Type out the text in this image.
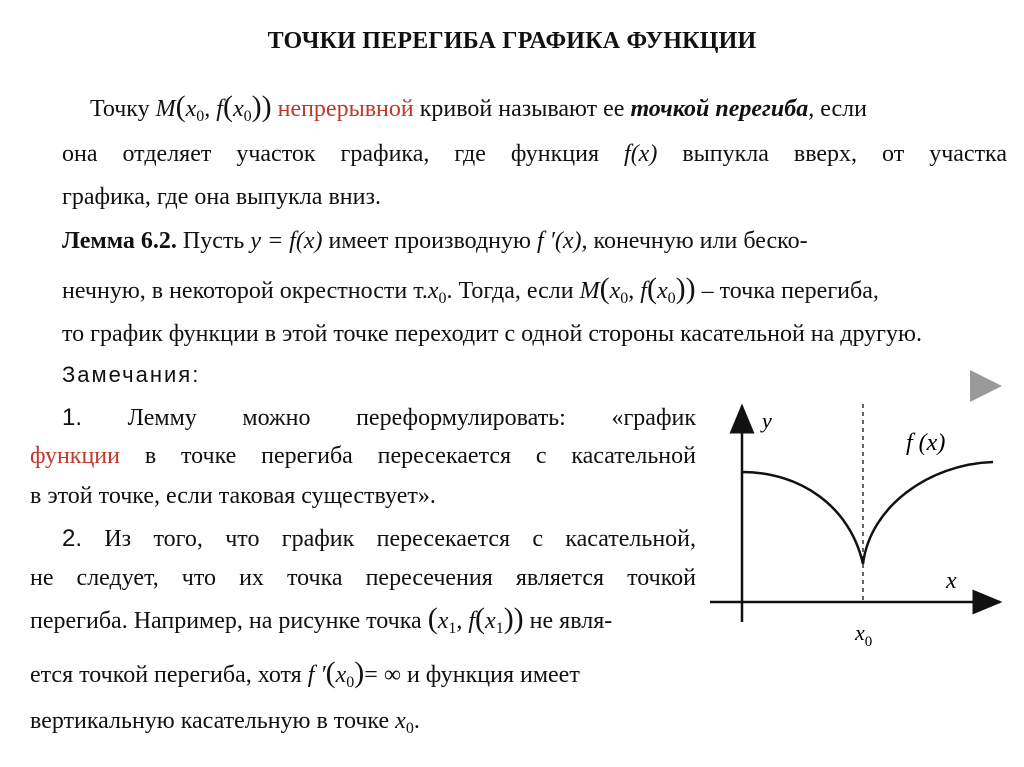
ТОЧКИ ПЕРЕГИБА ГРАФИКА ФУНКЦИИ
Точку $M(x_0$, $f(x_0)$) непрерывной кривой называют ее точкой перегиба, если
она отделяет участок графика, где функция f(x) выпукла вверх, от участка
графика, где она выпукла вниз.
Лемма 6.2. Пусть y = f(x) имеет производную f ′(x), конечную или беско-
нечную, в некоторой окрестности $т.x_0$. Тогда, если $M(x_0$, $f(x_0)$) – точка перегиба,
то график функции в этой точке переходит с одной стороны касательной на другую.
Замечания:
1. Лемму можно переформулировать: «график
функции в точке перегиба пересекается с касательной
в этой точке, если таковая существует».
2. Из того, что график пересекается с касательной,
не следует, что их точка пересечения является точкой
перегиба. Например, на рисунке точка ($x_1$, $f(x_1)$) не явля-
ется точкой перегиба, хотя f $'(x_0)=$ ∞ и функция имеет
вертикальную касательную в точке $x_0$.
y
x
f (x)
$x_0$
